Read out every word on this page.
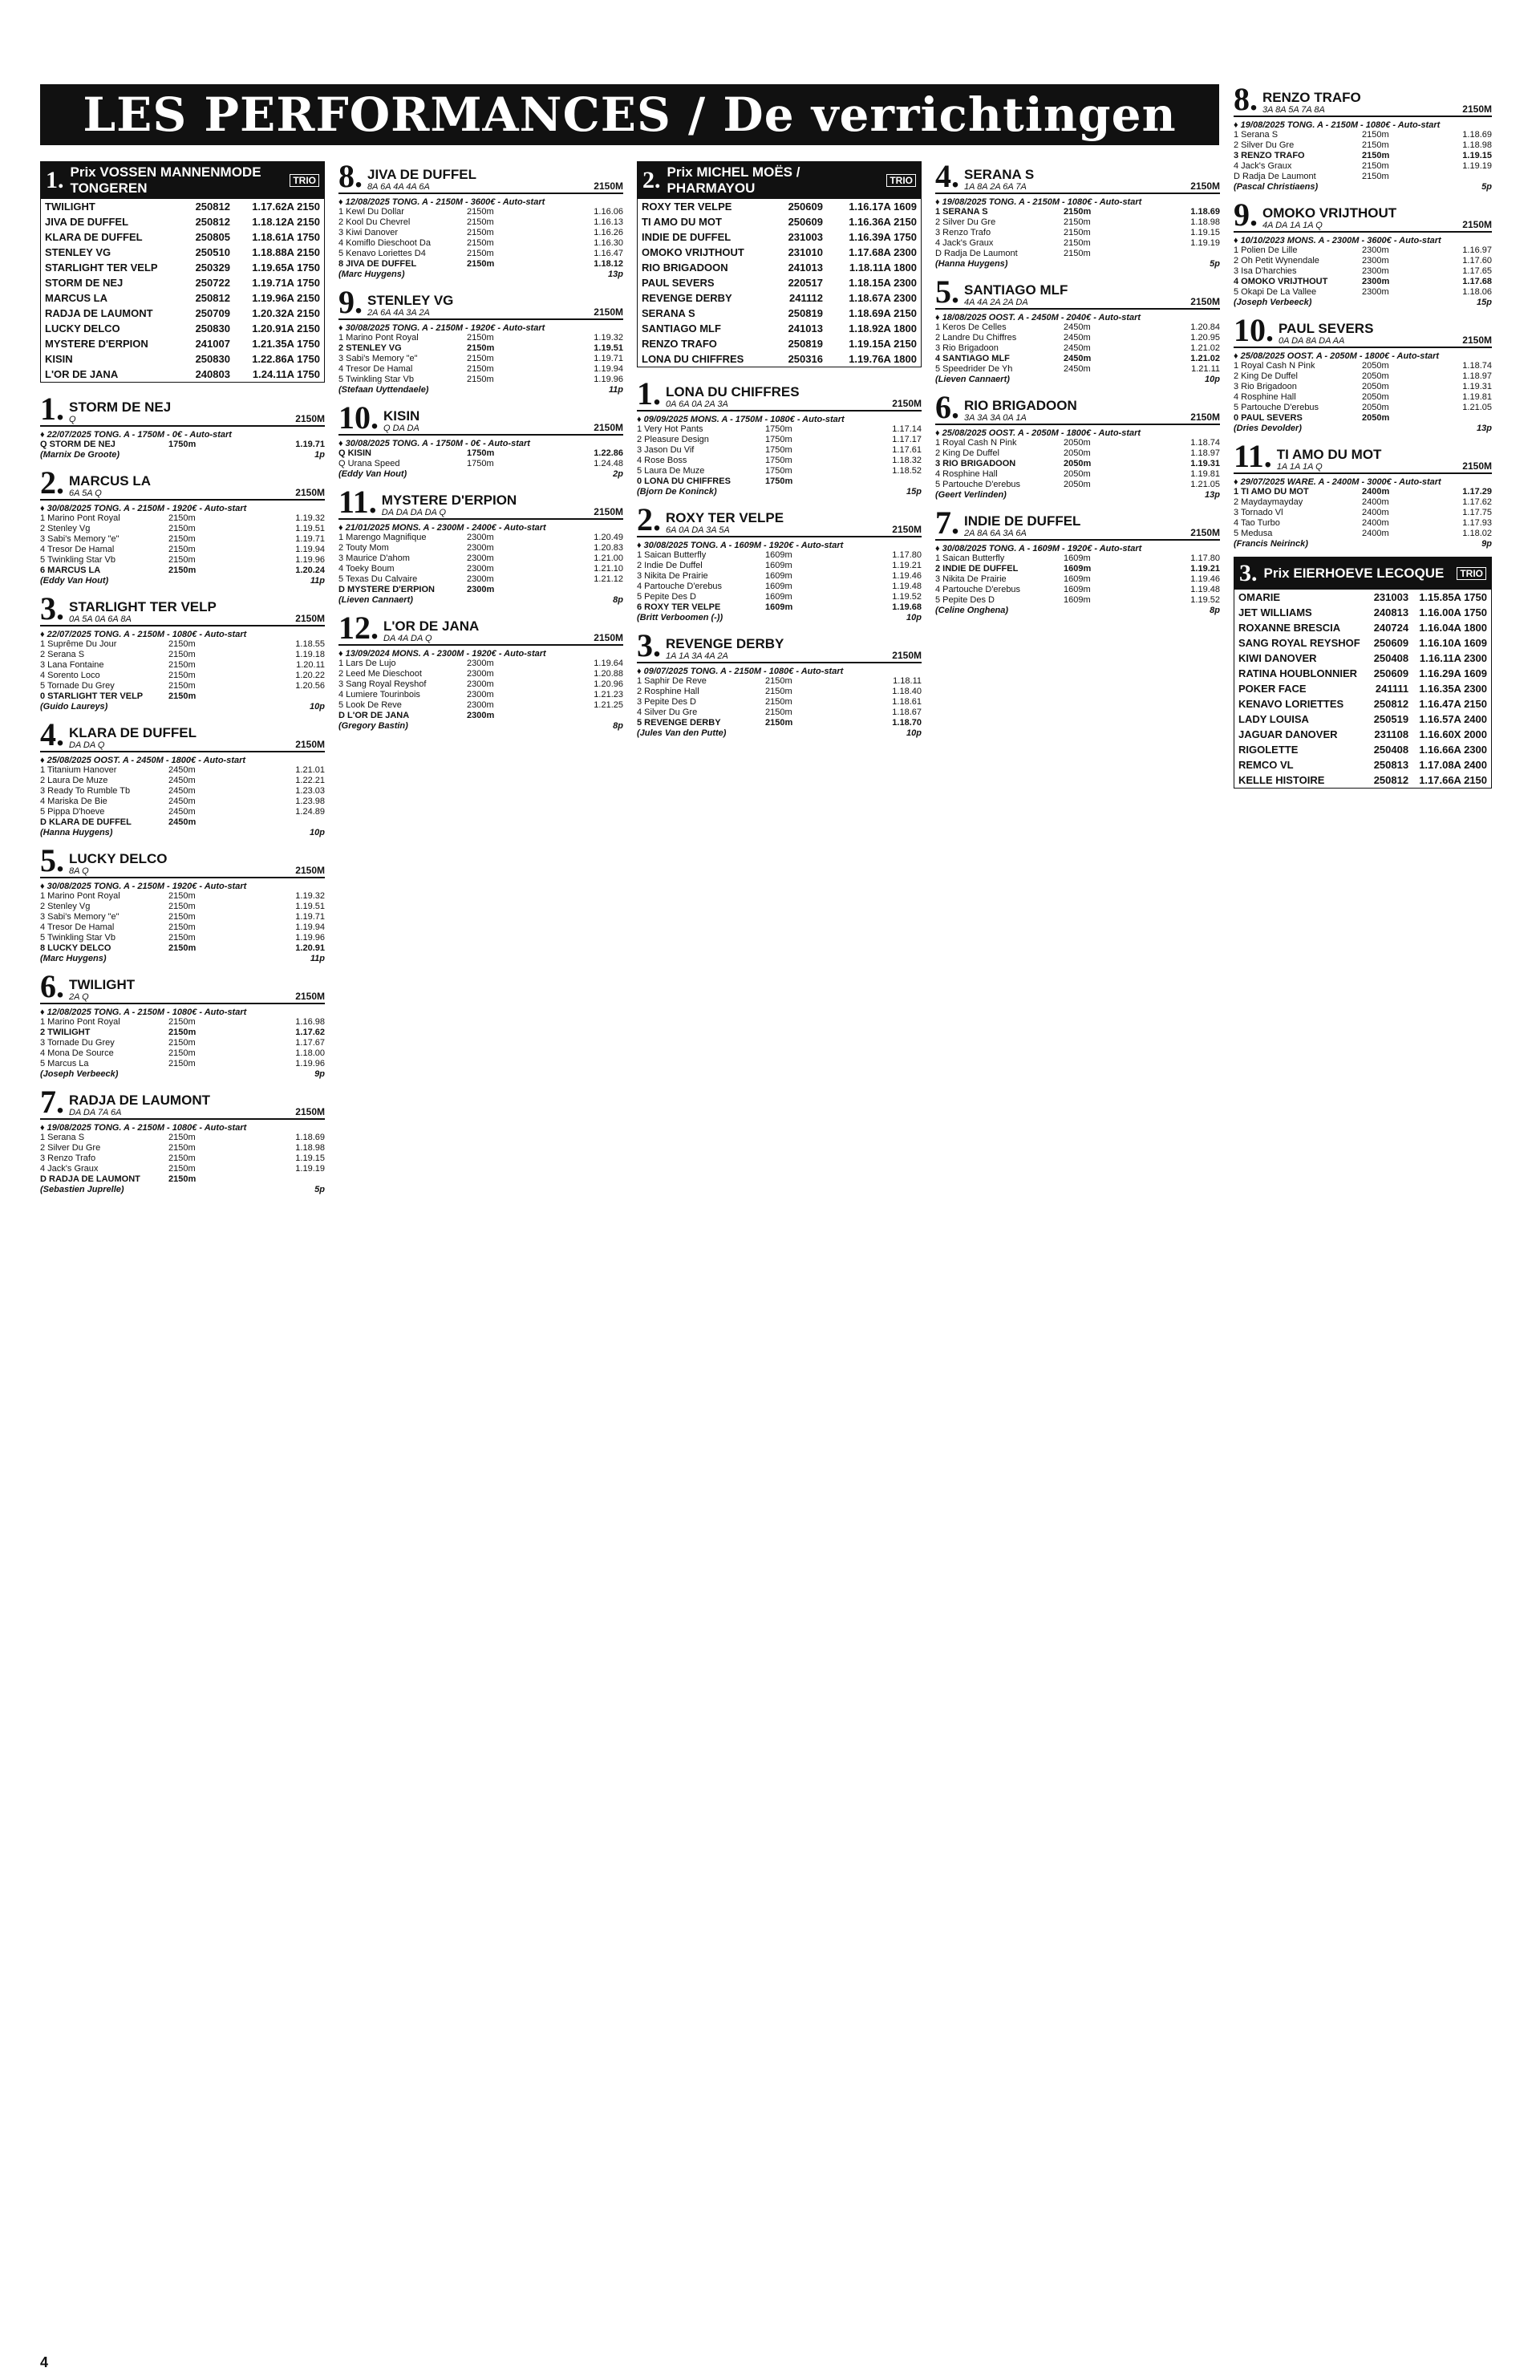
LES PERFORMANCES / De verrichtingen
1. Prix VOSSEN MANNENMODE TONGEREN	TRIO
TWILIGHT	250812	1.17.62A 2150
JIVA DE DUFFEL	250812	1.18.12A 2150
KLARA DE DUFFEL	250805	1.18.61A 1750
STENLEY VG	250510	1.18.88A 2150
STARLIGHT TER VELP	250329	1.19.65A 1750
STORM DE NEJ	250722	1.19.71A 1750
MARCUS LA	250812	1.19.96A 2150
RADJA DE LAUMONT	250709	1.20.32A 2150
LUCKY DELCO	250830	1.20.91A 2150
MYSTERE D'ERPION	241007	1.21.35A 1750
KISIN	250830	1.22.86A 1750
L'OR DE JANA	240803	1.24.11A 1750
1. STORM DE NEJ
Q	2150M
♦ 22/07/2025 TONG. A - 1750M - 0€ - Auto-start
Q STORM DE NEJ	1750m	1.19.71
(Marnix De Groote)	1p
2. MARCUS LA
6A 5A Q	2150M
♦ 30/08/2025 TONG. A - 2150M - 1920€ - Auto-start
1 Marino Pont Royal	2150m	1.19.32
2 Stenley Vg	2150m	1.19.51
3 Sabi's Memory "e"	2150m	1.19.71
4 Tresor De Hamal	2150m	1.19.94
5 Twinkling Star Vb	2150m	1.19.96
6 MARCUS LA	2150m	1.20.24
(Eddy Van Hout)	11p
3. STARLIGHT TER VELP
0A 5A 0A 6A 8A	2150M
♦ 22/07/2025 TONG. A - 2150M - 1080€ - Auto-start
1 Suprême Du Jour	2150m	1.18.55
2 Serana S	2150m	1.19.18
3 Lana Fontaine	2150m	1.20.11
4 Sorento Loco	2150m	1.20.22
5 Tornade Du Grey	2150m	1.20.56
0 STARLIGHT TER VELP	2150m
(Guido Laureys)	10p
4. KLARA DE DUFFEL
DA DA Q	2150M
♦ 25/08/2025 OOST. A - 2450M - 1800€ - Auto-start
1 Titanium Hanover	2450m	1.21.01
2 Laura De Muze	2450m	1.22.21
3 Ready To Rumble Tb	2450m	1.23.03
4 Mariska De Bie	2450m	1.23.98
5 Pippa D'hoeve	2450m	1.24.89
D KLARA DE DUFFEL	2450m
(Hanna Huygens)	10p
5. LUCKY DELCO
8A Q	2150M
♦ 30/08/2025 TONG. A - 2150M - 1920€ - Auto-start
1 Marino Pont Royal	2150m	1.19.32
2 Stenley Vg	2150m	1.19.51
3 Sabi's Memory "e"	2150m	1.19.71
4 Tresor De Hamal	2150m	1.19.94
5 Twinkling Star Vb	2150m	1.19.96
8 LUCKY DELCO	2150m	1.20.91
(Marc Huygens)	11p
6. TWILIGHT
2A Q	2150M
♦ 12/08/2025 TONG. A - 2150M - 1080€ - Auto-start
1 Marino Pont Royal	2150m	1.16.98
2 TWILIGHT	2150m	1.17.62
3 Tornade Du Grey	2150m	1.17.67
4 Mona De Source	2150m	1.18.00
5 Marcus La	2150m	1.19.96
(Joseph Verbeeck)	9p
7. RADJA DE LAUMONT
DA DA 7A 6A	2150M
♦ 19/08/2025 TONG. A - 2150M - 1080€ - Auto-start
1 Serana S	2150m	1.18.69
2 Silver Du Gre	2150m	1.18.98
3 Renzo Trafo	2150m	1.19.15
4 Jack's Graux	2150m	1.19.19
D RADJA DE LAUMONT	2150m
(Sebastien Juprelle)	5p
8. JIVA DE DUFFEL
8A 6A 4A 4A 6A	2150M
♦ 12/08/2025 TONG. A - 2150M - 3600€ - Auto-start
1 Kewl Du Dollar	2150m	1.16.06
2 Kool Du Chevrel	2150m	1.16.13
3 Kiwi Danover	2150m	1.16.26
4 Komiflo Dieschoot Da	2150m	1.16.30
5 Kenavo Loriettes D4	2150m	1.16.47
8 JIVA DE DUFFEL	2150m	1.18.12
(Marc Huygens)	13p
9. STENLEY VG
2A 6A 4A 3A 2A	2150M
♦ 30/08/2025 TONG. A - 2150M - 1920€ - Auto-start
1 Marino Pont Royal	2150m	1.19.32
2 STENLEY VG	2150m	1.19.51
3 Sabi's Memory "e"	2150m	1.19.71
4 Tresor De Hamal	2150m	1.19.94
5 Twinkling Star Vb	2150m	1.19.96
(Stefaan Uyttendaele)	11p
10. KISIN
Q DA DA	2150M
♦ 30/08/2025 TONG. A - 1750M - 0€ - Auto-start
Q KISIN	1750m	1.22.86
Q Urana Speed	1750m	1.24.48
(Eddy Van Hout)	2p
11. MYSTERE D'ERPION
DA DA DA DA Q	2150M
♦ 21/01/2025 MONS. A - 2300M - 2400€ - Auto-start
1 Marengo Magnifique	2300m	1.20.49
2 Touty Mom	2300m	1.20.83
3 Maurice D'ahom	2300m	1.21.00
4 Toeky Boum	2300m	1.21.10
5 Texas Du Calvaire	2300m	1.21.12
D MYSTERE D'ERPION	2300m
(Lieven Cannaert)	8p
12. L'OR DE JANA
DA 4A DA Q	2150M
♦ 13/09/2024 MONS. A - 2300M - 1920€ - Auto-start
1 Lars De Lujo	2300m	1.19.64
2 Leed Me Dieschoot	2300m	1.20.88
3 Sang Royal Reyshof	2300m	1.20.96
4 Lumiere Tourinbois	2300m	1.21.23
5 Look De Reve	2300m	1.21.25
D L'OR DE JANA	2300m
(Gregory Bastin)	8p
2. Prix MICHEL MOËS / PHARMAYOU	TRIO
ROXY TER VELPE	250609	1.16.17A 1609
TI AMO DU MOT	250609	1.16.36A 2150
INDIE DE DUFFEL	231003	1.16.39A 1750
OMOKO VRIJTHOUT	231010	1.17.68A 2300
RIO BRIGADOON	241013	1.18.11A 1800
PAUL SEVERS	220517	1.18.15A 2300
REVENGE DERBY	241112	1.18.67A 2300
SERANA S	250819	1.18.69A 2150
SANTIAGO MLF	241013	1.18.92A 1800
RENZO TRAFO	250819	1.19.15A 2150
LONA DU CHIFFRES	250316	1.19.76A 1800
1. LONA DU CHIFFRES
0A 6A 0A 2A 3A	2150M
♦ 09/09/2025 MONS. A - 1750M - 1080€ - Auto-start
1 Very Hot Pants	1750m	1.17.14
2 Pleasure Design	1750m	1.17.17
3 Jason Du Vif	1750m	1.17.61
4 Rose Boss	1750m	1.18.32
5 Laura De Muze	1750m	1.18.52
0 LONA DU CHIFFRES	1750m
(Bjorn De Koninck)	15p
2. ROXY TER VELPE
6A 0A DA 3A 5A	2150M
♦ 30/08/2025 TONG. A - 1609M - 1920€ - Auto-start
1 Saican Butterfly	1609m	1.17.80
2 Indie De Duffel	1609m	1.19.21
3 Nikita De Prairie	1609m	1.19.46
4 Partouche D'erebus	1609m	1.19.48
5 Pepite Des D	1609m	1.19.52
6 ROXY TER VELPE	1609m	1.19.68
(Britt Verboomen (-))	10p
3. REVENGE DERBY
1A 1A 3A 4A 2A	2150M
♦ 09/07/2025 TONG. A - 2150M - 1080€ - Auto-start
1 Saphir De Reve	2150m	1.18.11
2 Rosphine Hall	2150m	1.18.40
3 Pepite Des D	2150m	1.18.61
4 Silver Du Gre	2150m	1.18.67
5 REVENGE DERBY	2150m	1.18.70
(Jules Van den Putte)	10p
4. SERANA S
1A 8A 2A 6A 7A	2150M
♦ 19/08/2025 TONG. A - 2150M - 1080€ - Auto-start
1 SERANA S	2150m	1.18.69
2 Silver Du Gre	2150m	1.18.98
3 Renzo Trafo	2150m	1.19.15
4 Jack's Graux	2150m	1.19.19
D Radja De Laumont	2150m
(Hanna Huygens)	5p
5. SANTIAGO MLF
4A 4A 2A 2A DA	2150M
♦ 18/08/2025 OOST. A - 2450M - 2040€ - Auto-start
1 Keros De Celles	2450m	1.20.84
2 Landre Du Chiffres	2450m	1.20.95
3 Rio Brigadoon	2450m	1.21.02
4 SANTIAGO MLF	2450m	1.21.02
5 Speedrider De Yh	2450m	1.21.11
(Lieven Cannaert)	10p
6. RIO BRIGADOON
3A 3A 3A 0A 1A	2150M
♦ 25/08/2025 OOST. A - 2050M - 1800€ - Auto-start
1 Royal Cash N Pink	2050m	1.18.74
2 King De Duffel	2050m	1.18.97
3 RIO BRIGADOON	2050m	1.19.31
4 Rosphine Hall	2050m	1.19.81
5 Partouche D'erebus	2050m	1.21.05
(Geert Verlinden)	13p
7. INDIE DE DUFFEL
2A 8A 6A 3A 6A	2150M
♦ 30/08/2025 TONG. A - 1609M - 1920€ - Auto-start
1 Saican Butterfly	1609m	1.17.80
2 INDIE DE DUFFEL	1609m	1.19.21
3 Nikita De Prairie	1609m	1.19.46
4 Partouche D'erebus	1609m	1.19.48
5 Pepite Des D	1609m	1.19.52
(Celine Onghena)	8p
8. RENZO TRAFO
3A 8A 5A 7A 8A	2150M
♦ 19/08/2025 TONG. A - 2150M - 1080€ - Auto-start
1 Serana S	2150m	1.18.69
2 Silver Du Gre	2150m	1.18.98
3 RENZO TRAFO	2150m	1.19.15
4 Jack's Graux	2150m	1.19.19
D Radja De Laumont	2150m
(Pascal Christiaens)	5p
9. OMOKO VRIJTHOUT
4A DA 1A 1A Q	2150M
♦ 10/10/2023 MONS. A - 2300M - 3600€ - Auto-start
1 Polien De Lille	2300m	1.16.97
2 Oh Petit Wynendale	2300m	1.17.60
3 Isa D'harchies	2300m	1.17.65
4 OMOKO VRIJTHOUT	2300m	1.17.68
5 Okapi De La Vallee	2300m	1.18.06
(Joseph Verbeeck)	15p
10. PAUL SEVERS
0A DA 8A DA AA	2150M
♦ 25/08/2025 OOST. A - 2050M - 1800€ - Auto-start
1 Royal Cash N Pink	2050m	1.18.74
2 King De Duffel	2050m	1.18.97
3 Rio Brigadoon	2050m	1.19.31
4 Rosphine Hall	2050m	1.19.81
5 Partouche D'erebus	2050m	1.21.05
0 PAUL SEVERS	2050m
(Dries Devolder)	13p
11. TI AMO DU MOT
1A 1A 1A Q	2150M
♦ 29/07/2025 WARE. A - 2400M - 3000€ - Auto-start
1 TI AMO DU MOT	2400m	1.17.29
2 Maydaymayday	2400m	1.17.62
3 Tornado Vl	2400m	1.17.75
4 Tao Turbo	2400m	1.17.93
5 Medusa	2400m	1.18.02
(Francis Neirinck)	9p
3. Prix EIERHOEVE LECOQUE	TRIO
OMARIE	231003	1.15.85A 1750
JET WILLIAMS	240813	1.16.00A 1750
ROXANNE BRESCIA	240724	1.16.04A 1800
SANG ROYAL REYSHOF	250609	1.16.10A 1609
KIWI DANOVER	250408	1.16.11A 2300
RATINA HOUBLONNIER	250609	1.16.29A 1609
POKER FACE	241111	1.16.35A 2300
KENAVO LORIETTES	250812	1.16.47A 2150
LADY LOUISA	250519	1.16.57A 2400
JAGUAR DANOVER	231108	1.16.60X 2000
RIGOLETTE	250408	1.16.66A 2300
REMCO VL	250813	1.17.08A 2400
KELLE HISTOIRE	250812	1.17.66A 2150
4
